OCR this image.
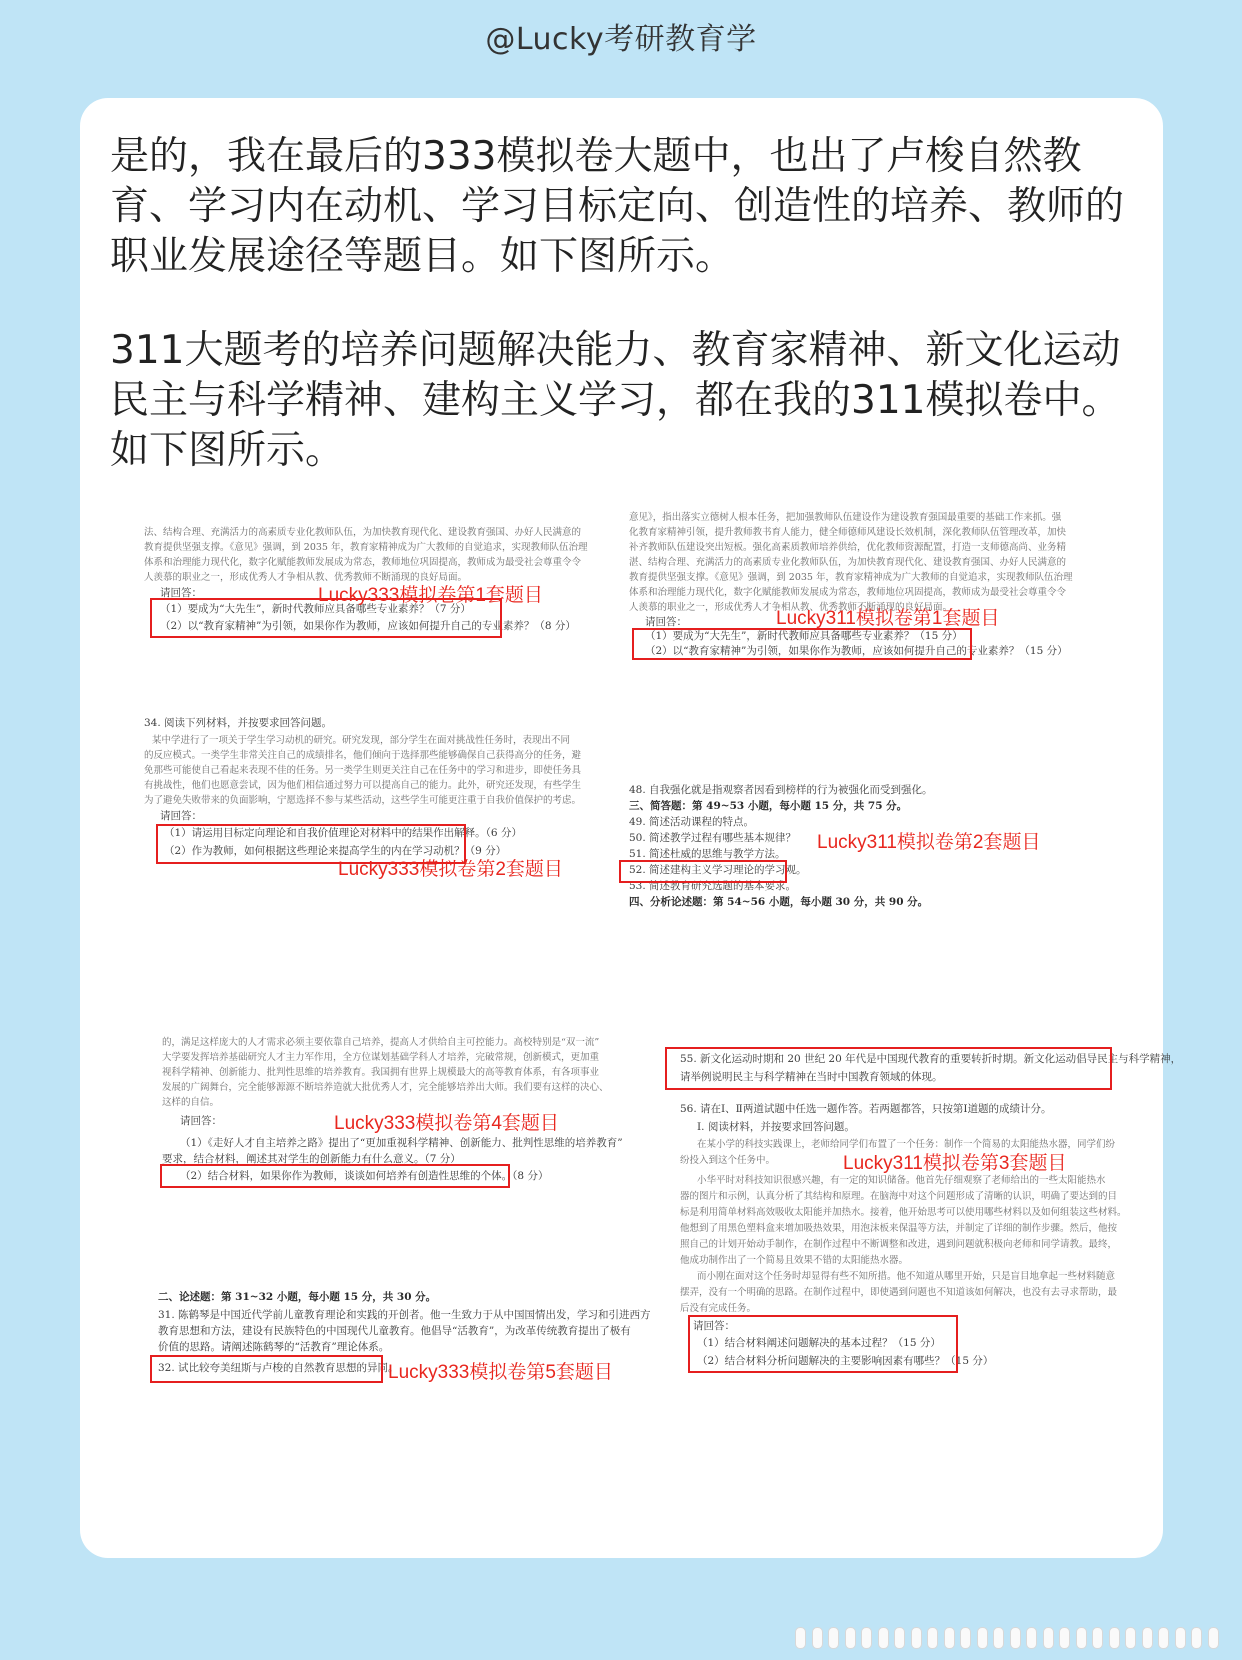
@Lucky考研教育学

是的，我在最后的333模拟卷大题中，也出了卢梭自然教育、学习内在动机、学习目标定向、创造性的培养、教师的职业发展途径等题目。如下图所示。

311大题考的培养问题解决能力、教育家精神、新文化运动民主与科学精神、建构主义学习，都在我的311模拟卷中。如下图所示。

法、结构合理、充满活力的高素质专业化教师队伍，为加快教育现代化、建设教育强国、办好人民满意的
教育提供坚强支撑。《意见》强调，到 2035 年，教育家精神成为广大教师的自觉追求，实现教师队伍治理
体系和治理能力现代化，数字化赋能教师发展成为常态，教师地位巩固提高，教师成为最受社会尊重令令
人羡慕的职业之一，形成优秀人才争相从教、优秀教师不断涌现的良好局面。
请回答：
（1）要成为“大先生”，新时代教师应具备哪些专业素养？（7 分）
（2）以“教育家精神”为引领，如果你作为教师，应该如何提升自己的专业素养？（8 分）
Lucky333模拟卷第1套题目
意见》，指出落实立德树人根本任务，把加强教师队伍建设作为建设教育强国最重要的基础工作来抓。强
化教育家精神引领，提升教师教书育人能力，健全师德师风建设长效机制，深化教师队伍管理改革，加快
补齐教师队伍建设突出短板。强化高素质教师培养供给，优化教师资源配置，打造一支师德高尚、业务精
湛、结构合理、充满活力的高素质专业化教师队伍，为加快教育现代化、建设教育强国、办好人民满意的
教育提供坚强支撑。《意见》强调，到 2035 年，教育家精神成为广大教师的自觉追求，实现教师队伍治理
体系和治理能力现代化，数字化赋能教师发展成为常态，教师地位巩固提高，教师成为最受社会尊重令令
人羡慕的职业之一，形成优秀人才争相从教、优秀教师不断涌现的良好局面。
请回答：
（1）要成为“大先生”，新时代教师应具备哪些专业素养？（15 分）
（2）以“教育家精神”为引领，如果你作为教师，应该如何提升自己的专业素养？（15 分）
Lucky311模拟卷第1套题目
34. 阅读下列材料，并按要求回答问题。
某中学进行了一项关于学生学习动机的研究。研究发现，部分学生在面对挑战性任务时，表现出不同
的反应模式。一类学生非常关注自己的成绩排名，他们倾向于选择那些能够确保自己获得高分的任务，避
免那些可能使自己看起来表现不佳的任务。另一类学生则更关注自己在任务中的学习和进步，即使任务具
有挑战性，他们也愿意尝试，因为他们相信通过努力可以提高自己的能力。此外，研究还发现，有些学生
为了避免失败带来的负面影响，宁愿选择不参与某些活动，这些学生可能更注重于自我价值保护的考虑。
请回答：
（1）请运用目标定向理论和自我价值理论对材料中的结果作出解释。（6 分）
（2）作为教师，如何根据这些理论来提高学生的内在学习动机？（9 分）
Lucky333模拟卷第2套题目
48. 自我强化就是指观察者因看到榜样的行为被强化而受到强化。
三、简答题：第 49~53 小题，每小题 15 分，共 75 分。
49. 简述活动课程的特点。
50. 简述教学过程有哪些基本规律？
51. 简述杜威的思维与教学方法。
52. 简述建构主义学习理论的学习观。
53. 简述教育研究选题的基本要求。
四、分析论述题：第 54~56 小题，每小题 30 分，共 90 分。
Lucky311模拟卷第2套题目
的，满足这样庞大的人才需求必须主要依靠自己培养，提高人才供给自主可控能力。高校特别是“双一流”
大学要发挥培养基础研究人才主力军作用，全方位谋划基础学科人才培养，完破常规，创新模式，更加重
视科学精神、创新能力、批判性思维的培养教育。我国拥有世界上规模最大的高等教育体系，有各项事业
发展的广阔舞台，完全能够源源不断培养造就大批优秀人才，完全能够培养出大师。我们要有这样的决心、
这样的自信。
请回答：
（1）《走好人才自主培养之路》提出了“更加重视科学精神、创新能力、批判性思维的培养教育”
要求，结合材料，阐述其对学生的创新能力有什么意义。（7 分）
（2）结合材料，如果你作为教师，谈谈如何培养有创造性思维的个体。（8 分）
Lucky333模拟卷第4套题目
55. 新文化运动时期和 20 世纪 20 年代是中国现代教育的重要转折时期。新文化运动倡导民主与科学精神，
请举例说明民主与科学精神在当时中国教育领域的体现。
56. 请在Ⅰ、Ⅱ两道试题中任选一题作答。若两题都答，只按第Ⅰ道题的成绩计分。
Ⅰ. 阅读材料，并按要求回答问题。
在某小学的科技实践课上，老师给同学们布置了一个任务：制作一个简易的太阳能热水器，同学们纷
纷投入到这个任务中。
小华平时对科技知识很感兴趣，有一定的知识储备。他首先仔细观察了老师给出的一些太阳能热水
器的图片和示例，认真分析了其结构和原理。在脑海中对这个问题形成了清晰的认识，明确了要达到的目
标是利用简单材料高效吸收太阳能并加热水。接着，他开始思考可以使用哪些材料以及如何组装这些材料。
他想到了用黑色塑料盒来增加吸热效果，用泡沫板来保温等方法，并制定了详细的制作步骤。然后，他按
照自己的计划开始动手制作，在制作过程中不断调整和改进，遇到问题就积极向老师和同学请教。最终，
他成功制作出了一个简易且效果不错的太阳能热水器。
而小刚在面对这个任务时却显得有些不知所措。他不知道从哪里开始，只是盲目地拿起一些材料随意
摆弄，没有一个明确的思路。在制作过程中，即使遇到问题也不知道该如何解决，也没有去寻求帮助，最
后没有完成任务。
请回答：
（1）结合材料阐述问题解决的基本过程？（15 分）
（2）结合材料分析问题解决的主要影响因素有哪些？（15 分）
Lucky311模拟卷第3套题目
二、论述题：第 31~32 小题，每小题 15 分，共 30 分。
31. 陈鹤琴是中国近代学前儿童教育理论和实践的开创者。他一生致力于从中国国情出发，学习和引进西方
教育思想和方法，建设有民族特色的中国现代儿童教育。他倡导“活教育”，为改革传统教育提出了极有
价值的思路。请阐述陈鹤琴的“活教育”理论体系。
32. 试比较夸美纽斯与卢梭的自然教育思想的异同。
Lucky333模拟卷第5套题目
